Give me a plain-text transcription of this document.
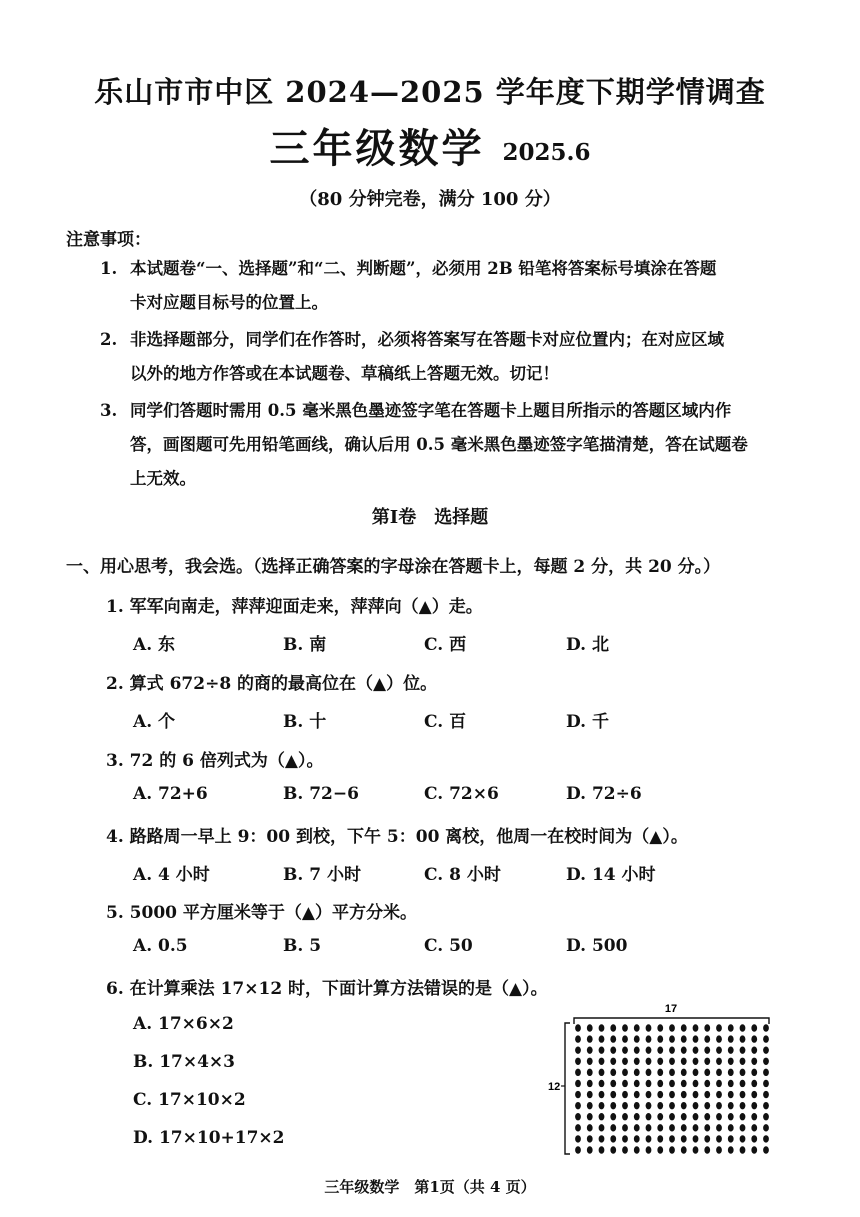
乐山市市中区 2024—2025 学年度下期学情调查
三年级数学 2025.6
（80 分钟完卷，满分 100 分）
注意事项：
1. 本试题卷“一、选择题”和“二、判断题”，必须用 2B 铅笔将答案标号填涂在答题
卡对应题目标号的位置上。
2. 非选择题部分，同学们在作答时，必须将答案写在答题卡对应位置内；在对应区域
以外的地方作答或在本试题卷、草稿纸上答题无效。切记！
3. 同学们答题时需用 0.5 毫米黑色墨迹签字笔在答题卡上题目所指示的答题区域内作
答，画图题可先用铅笔画线，确认后用 0.5 毫米黑色墨迹签字笔描清楚，答在试题卷
上无效。
第Ⅰ卷　选择题
一、用心思考，我会选。（选择正确答案的字母涂在答题卡上，每题 2 分，共 20 分。）
1. 军军向南走，萍萍迎面走来，萍萍向（▲）走。
A. 东	B. 南	C. 西	D. 北
2. 算式 672÷8 的商的最高位在（▲）位。
A. 个	B. 十	C. 百	D. 千
3. 72 的 6 倍列式为（▲）。
A. 72+6	B. 72−6	C. 72×6	D. 72÷6
4. 路路周一早上 9：00 到校，下午 5：00 离校，他周一在校时间为（▲）。
A. 4 小时	B. 7 小时	C. 8 小时	D. 14 小时
5. 5000 平方厘米等于（▲）平方分米。
A. 0.5	B. 5	C. 50	D. 500
6. 在计算乘法 17×12 时，下面计算方法错误的是（▲）。
A. 17×6×2
B. 17×4×3
C. 17×10×2
D. 17×10+17×2
17
12
三年级数学　第1页（共 4 页）
